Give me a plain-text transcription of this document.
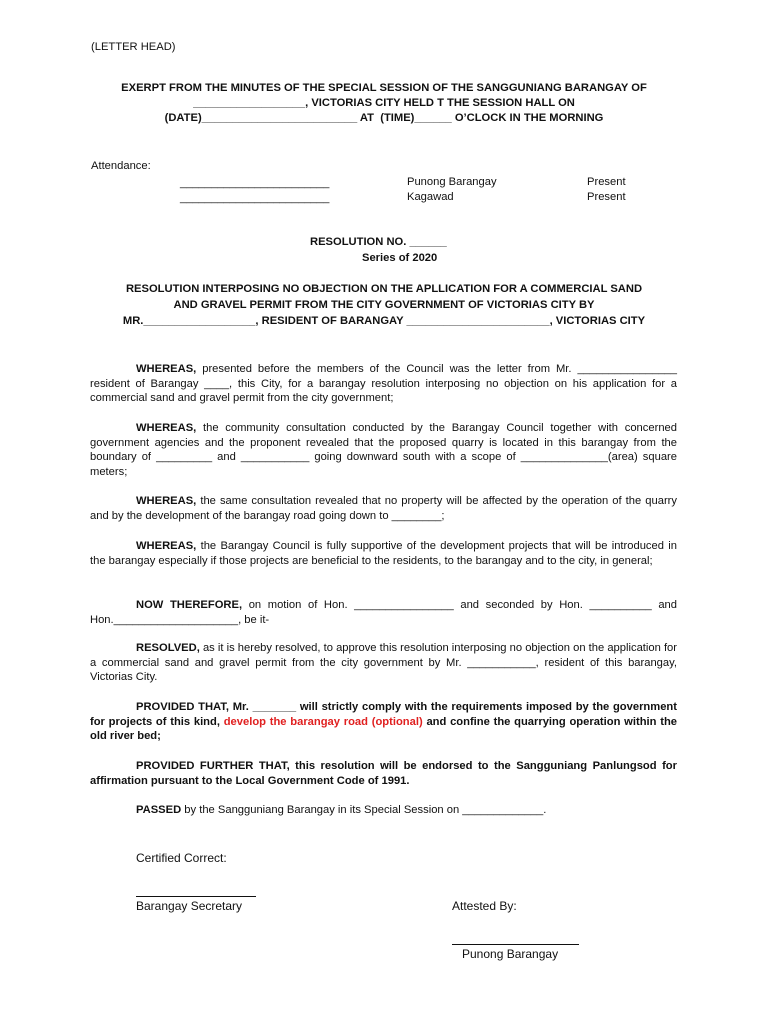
(LETTER HEAD)
EXERPT FROM THE MINUTES OF THE SPECIAL SESSION OF THE SANGGUNIANG BARANGAY OF
__________________, VICTORIAS CITY HELD T THE SESSION HALL ON
(DATE)_________________________ AT  (TIME)______ O’CLOCK IN THE MORNING
Attendance:
________________________	Punong Barangay	Present
________________________	Kagawad	Present
RESOLUTION NO. ______
Series of 2020
RESOLUTION INTERPOSING NO OBJECTION ON THE APLLICATION FOR A COMMERCIAL SAND
AND GRAVEL PERMIT FROM THE CITY GOVERNMENT OF VICTORIAS CITY BY
MR.__________________, RESIDENT OF BARANGAY _______________________, VICTORIAS CITY
WHEREAS, presented before the members of the Council was the letter from Mr. ________________ resident of Barangay ____, this City, for a barangay resolution interposing no objection on his application for a commercial sand and gravel permit from the city government;
WHEREAS, the community consultation conducted by the Barangay Council together with concerned government agencies and the proponent revealed that the proposed quarry is located in this barangay from the boundary of _________ and ___________ going downward south with a scope of ______________(area) square meters;
WHEREAS, the same consultation revealed that no property will be affected by the operation of the quarry and by the development of the barangay road going down to ________;
WHEREAS, the Barangay Council is fully supportive of the development projects that will be introduced in the barangay especially if those projects are beneficial to the residents, to the barangay and to the city, in general;
NOW THEREFORE, on motion of Hon. ________________ and seconded by Hon. __________ and Hon.____________________, be it-
RESOLVED, as it is hereby resolved, to approve this resolution interposing no objection on the application for a commercial sand and gravel permit from the city government by Mr. ___________, resident of this barangay, Victorias City.
PROVIDED THAT, Mr. _______ will strictly comply with the requirements imposed by the government for projects of this kind, develop the barangay road (optional) and confine the quarrying operation within the old river bed;
PROVIDED FURTHER THAT, this resolution will be endorsed to the Sangguniang Panlungsod for affirmation pursuant to the Local Government Code of 1991.
PASSED by the Sangguniang Barangay in its Special Session on _____________.
Certified Correct:
Barangay Secretary	Attested By:
Punong Barangay
